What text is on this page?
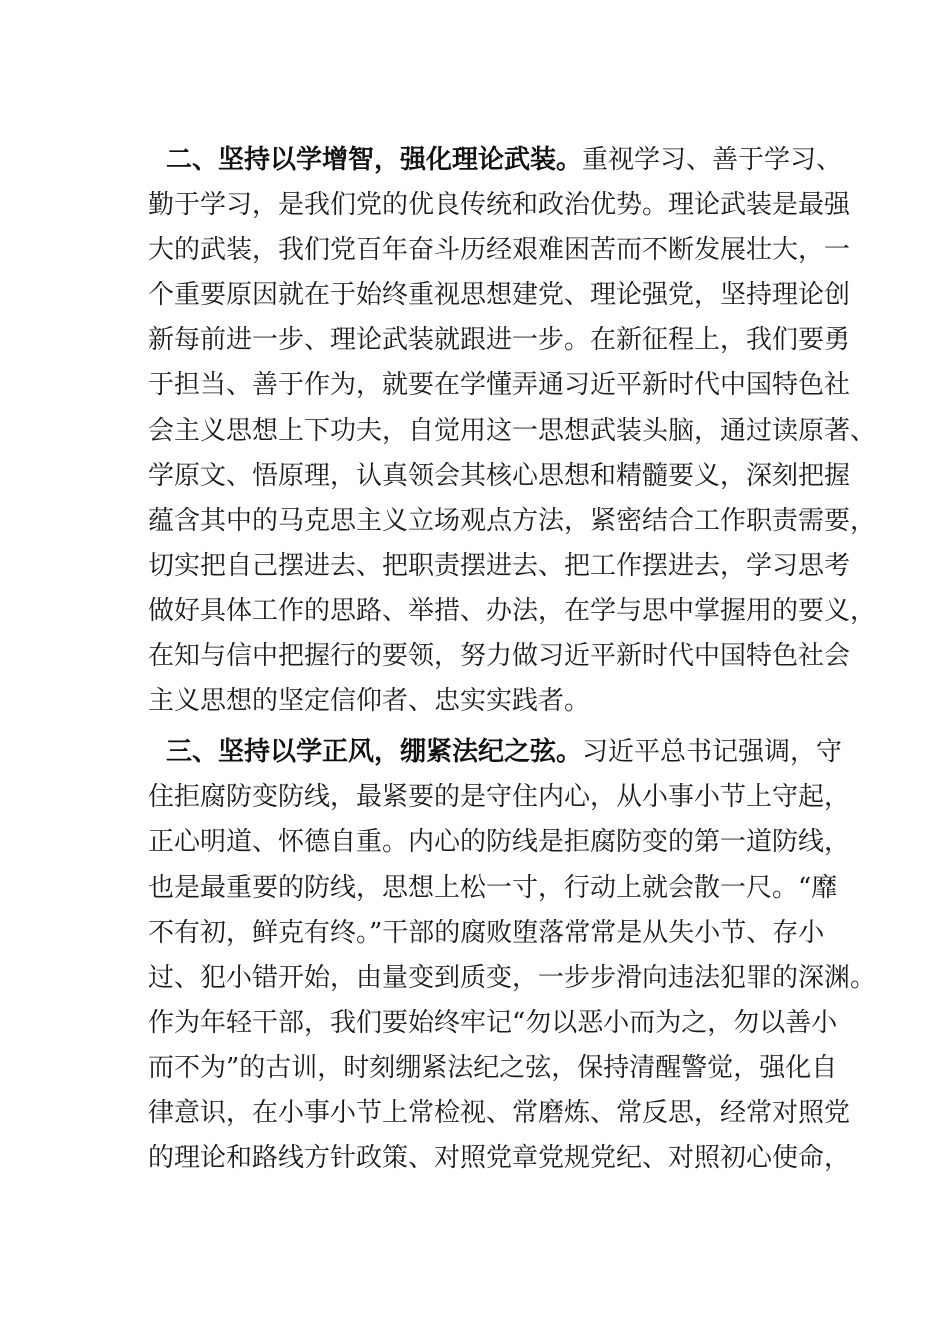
二、坚持以学增智，强化理论武装。重视学习、善于学习、
勤于学习，是我们党的优良传统和政治优势。理论武装是最强
大的武装，我们党百年奋斗历经艰难困苦而不断发展壮大，一
个重要原因就在于始终重视思想建党、理论强党，坚持理论创
新每前进一步、理论武装就跟进一步。在新征程上，我们要勇
于担当、善于作为，就要在学懂弄通习近平新时代中国特色社
会主义思想上下功夫，自觉用这一思想武装头脑，通过读原著、
学原文、悟原理，认真领会其核心思想和精髓要义，深刻把握
蕴含其中的马克思主义立场观点方法，紧密结合工作职责需要，
切实把自己摆进去、把职责摆进去、把工作摆进去，学习思考
做好具体工作的思路、举措、办法，在学与思中掌握用的要义，
在知与信中把握行的要领，努力做习近平新时代中国特色社会
主义思想的坚定信仰者、忠实实践者。
三、坚持以学正风，绷紧法纪之弦。习近平总书记强调，守
住拒腐防变防线，最紧要的是守住内心，从小事小节上守起，
正心明道、怀德自重。内心的防线是拒腐防变的第一道防线，
也是最重要的防线，思想上松一寸，行动上就会散一尺。“靡
不有初，鲜克有终。”干部的腐败堕落常常是从失小节、存小
过、犯小错开始，由量变到质变，一步步滑向违法犯罪的深渊。
作为年轻干部，我们要始终牢记“勿以恶小而为之，勿以善小
而不为”的古训，时刻绷紧法纪之弦，保持清醒警觉，强化自
律意识，在小事小节上常检视、常磨炼、常反思，经常对照党
的理论和路线方针政策、对照党章党规党纪、对照初心使命，
